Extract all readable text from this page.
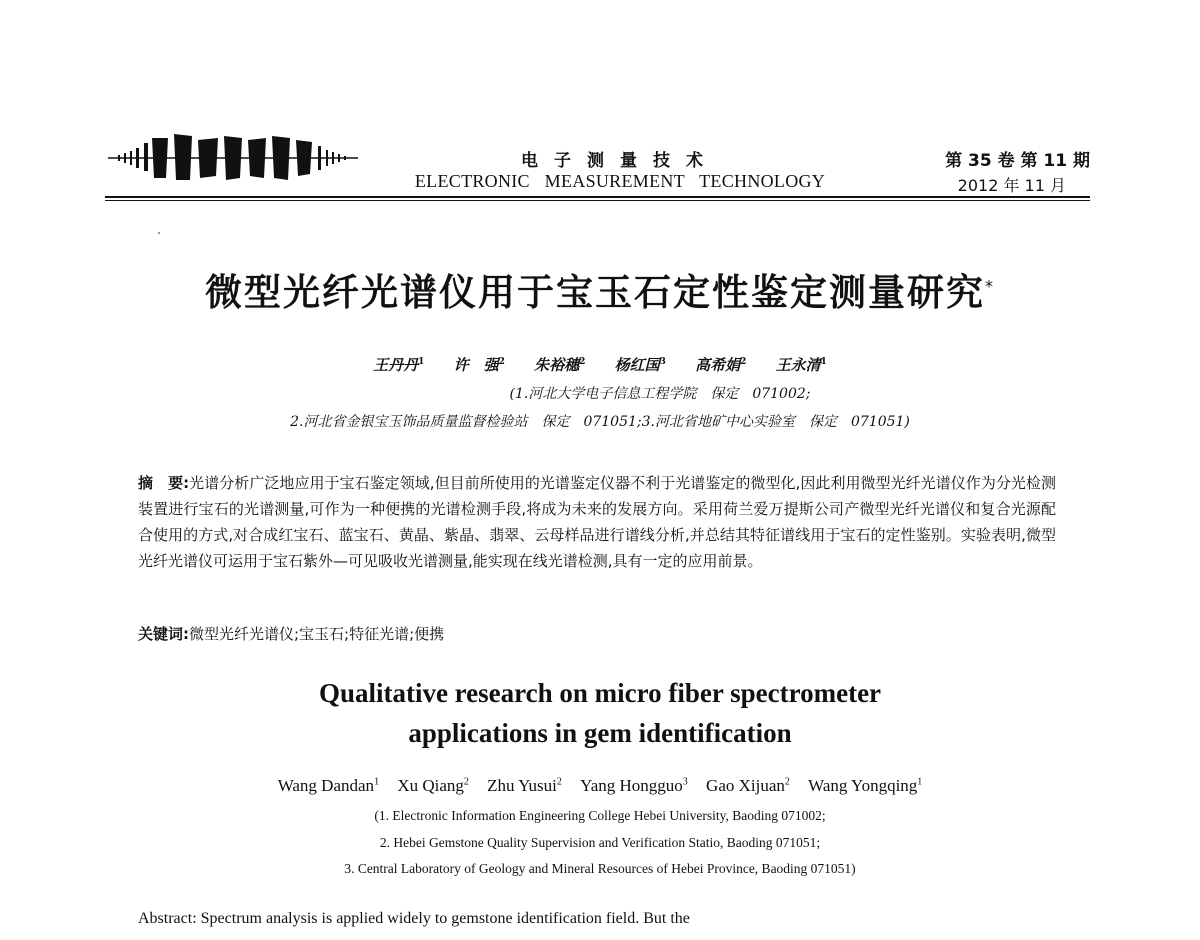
电子测量技术
ELECTRONIC MEASUREMENT TECHNOLOGY
第 35 卷 第 11 期
2012 年 11 月
微型光纤光谱仪用于宝玉石定性鉴定测量研究*
王丹丹$^1$ 许　强$^2$ 朱裕穗$^2$ 杨红国$^3$ 高希娟$^2$ 王永清$^1$
(1.河北大学电子信息工程学院　保定　071002;
2.河北省金银宝玉饰品质量监督检验站　保定　071051;3.河北省地矿中心实验室　保定　071051)
摘　要:光谱分析广泛地应用于宝石鉴定领域,但目前所使用的光谱鉴定仪器不利于光谱鉴定的微型化,因此利用微型光纤光谱仪作为分光检测装置进行宝石的光谱测量,可作为一种便携的光谱检测手段,将成为未来的发展方向。采用荷兰爱万提斯公司产微型光纤光谱仪和复合光源配合使用的方式,对合成红宝石、蓝宝石、黄晶、紫晶、翡翠、云母样品进行谱线分析,并总结其特征谱线用于宝石的定性鉴别。实验表明,微型光纤光谱仪可运用于宝石紫外—可见吸收光谱测量,能实现在线光谱检测,具有一定的应用前景。
关键词:微型光纤光谱仪;宝玉石;特征光谱;便携
Qualitative research on micro fiber spectrometer
applications in gem identification
Wang Dandan$^1$ Xu Qiang$^2$ Zhu Yusui$^2$ Yang Hongguo$^3$ Gao Xijuan$^2$ Wang Yongqing$^1$
(1. Electronic Information Engineering College Hebei University, Baoding 071002;
2. Hebei Gemstone Quality Supervision and Verification Statio, Baoding 071051;
3. Central Laboratory of Geology and Mineral Resources of Hebei Province, Baoding 071051)
Abstract: Spectrum analysis is applied widely to gemstone identification field. But the
